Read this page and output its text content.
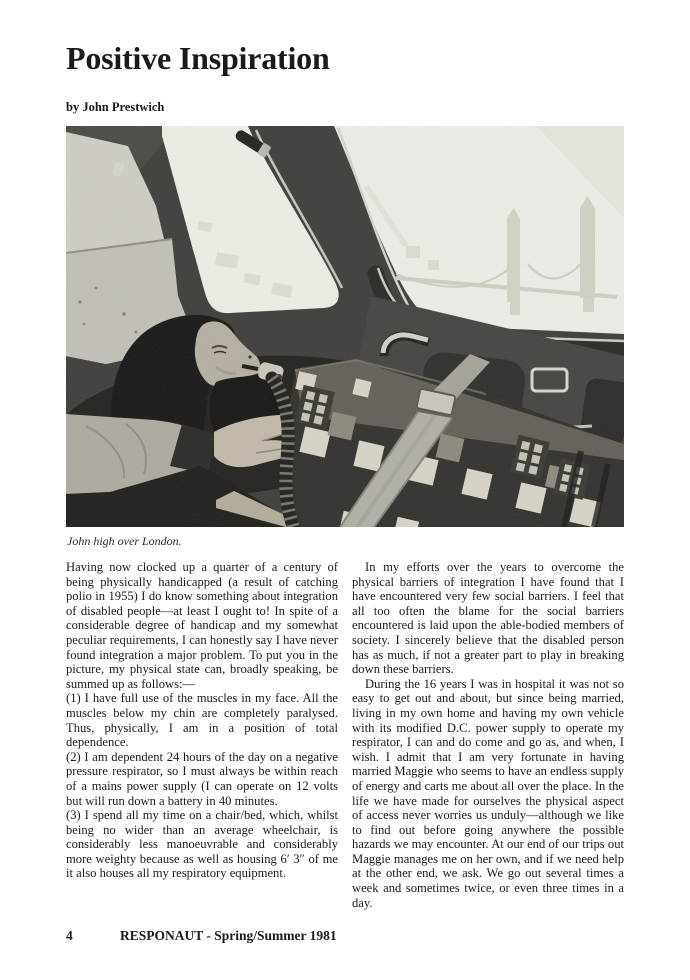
Positive Inspiration
by John Prestwich
John high over London.

Having now clocked up a quarter of a century of being physically handicapped (a result of catching polio in 1955) I do know something about integration of disabled people—at least I ought to! In spite of a considerable degree of handicap and my somewhat peculiar requirements, I can honestly say I have never found integration a major problem. To put you in the picture, my physical state can, broadly speaking, be summed up as follows:—

(1) I have full use of the muscles in my face. All the muscles below my chin are completely paralysed. Thus, physically, I am in a position of total dependence.

(2) I am dependent 24 hours of the day on a negative pressure respirator, so I must always be within reach of a mains power supply (I can operate on 12 volts but will run down a battery in 40 minutes.

(3) I spend all my time on a chair/bed, which, whilst being no wider than an average wheelchair, is considerably less manoeuvrable and considerably more weighty because as well as housing 6′ 3″ of me it also houses all my respiratory equipment.

In my efforts over the years to overcome the physical barriers of integration I have found that I have encountered very few social barriers. I feel that all too often the blame for the social barriers encountered is laid upon the able-bodied members of society. I sincerely believe that the disabled person has as much, if not a greater part to play in breaking down these barriers.

During the 16 years I was in hospital it was not so easy to get out and about, but since being married, living in my own home and having my own vehicle with its modified D.C. power supply to operate my respirator, I can and do come and go as, and when, I wish. I admit that I am very fortunate in having married Maggie who seems to have an endless supply of energy and carts me about all over the place. In the life we have made for ourselves the physical aspect of access never worries us unduly—although we like to find out before going anywhere the possible hazards we may encounter. At our end of our trips out Maggie manages me on her own, and if we need help at the other end, we ask. We go out several times a week and sometimes twice, or even three times in a day.

4	RESPONAUT - Spring/Summer 1981
